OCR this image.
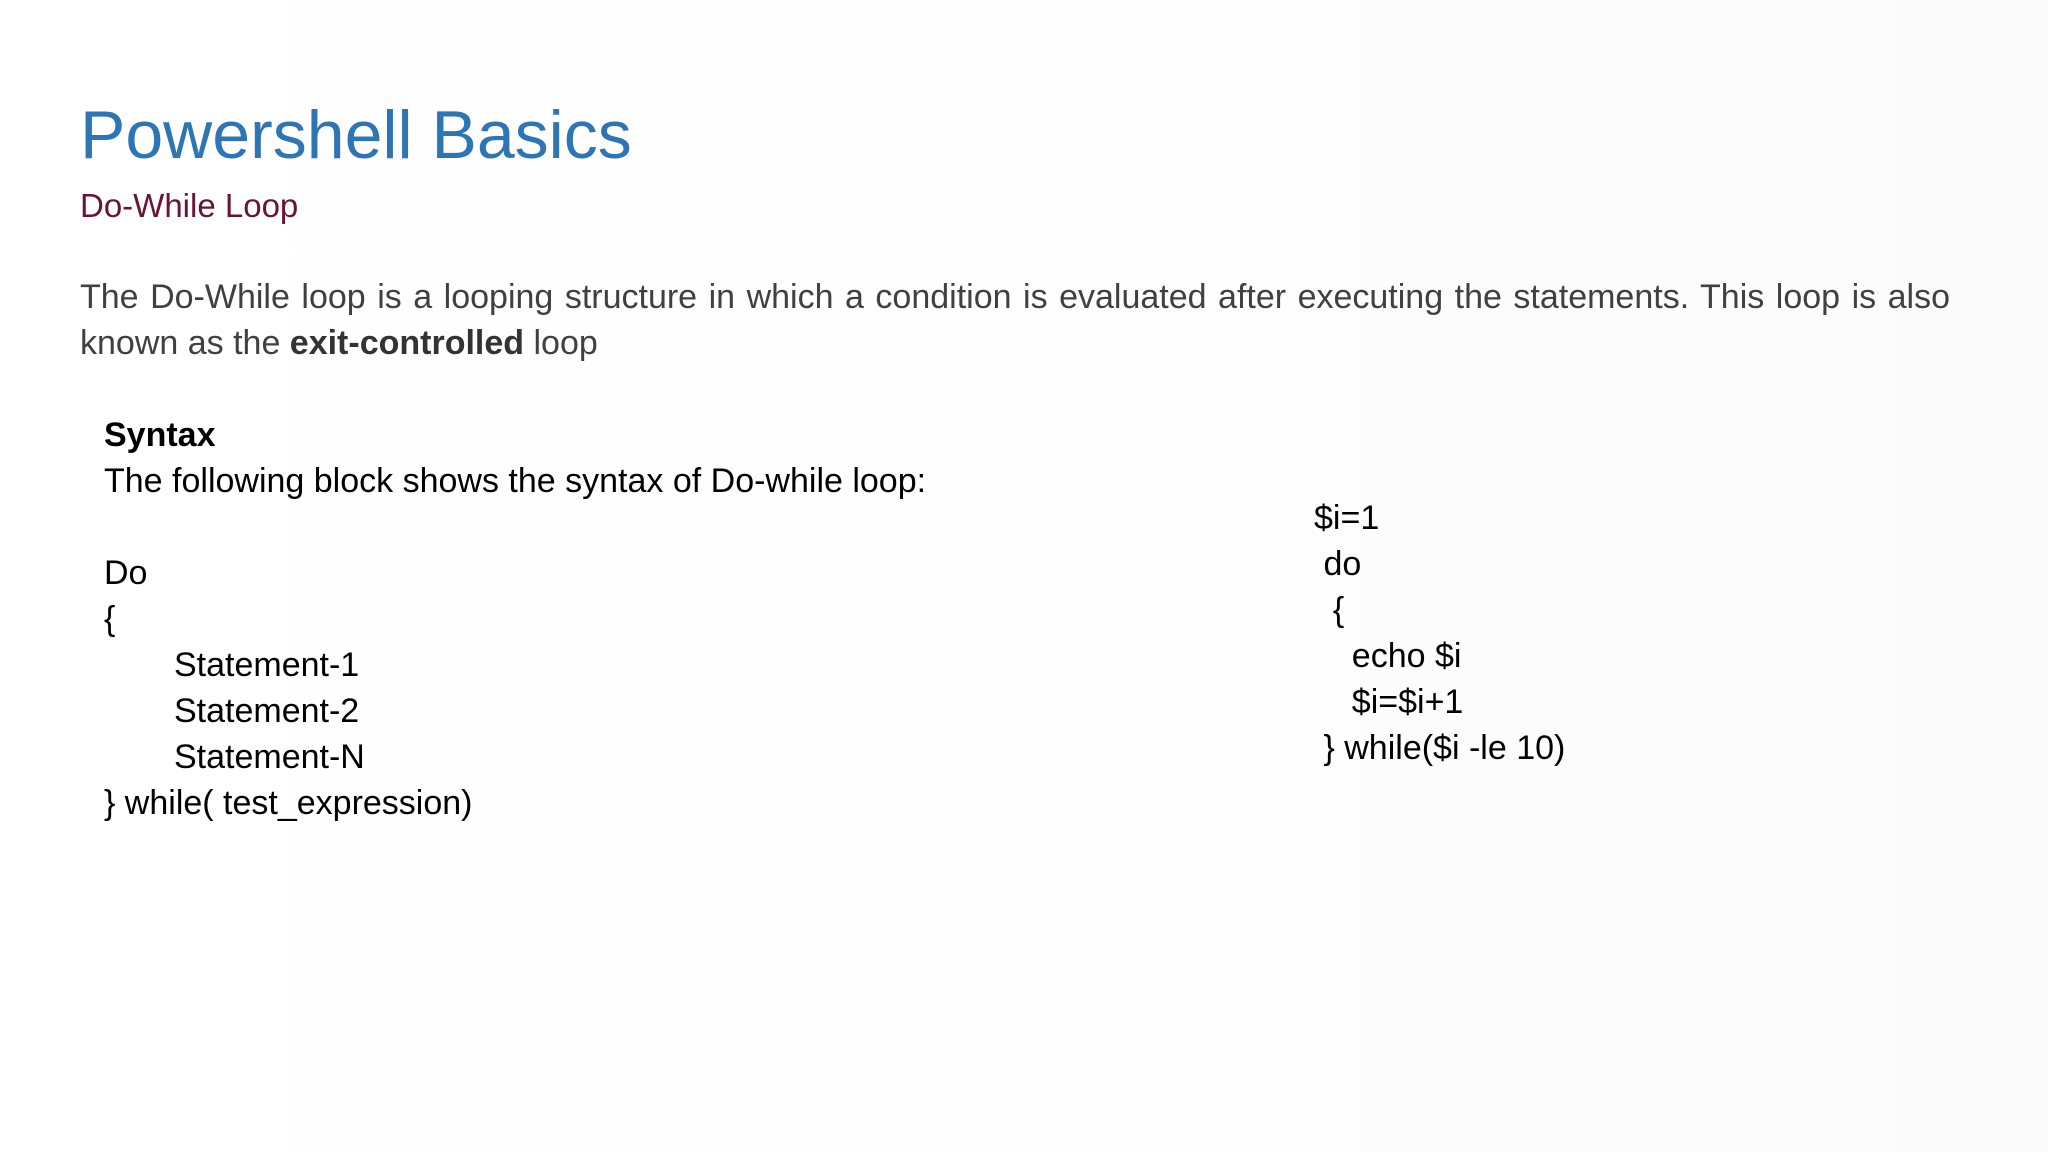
Powershell Basics
Do-While Loop
The Do-While loop is a looping structure in which a condition is evaluated after executing the statements. This loop is also known as the exit-controlled loop
Syntax
The following block shows the syntax of Do-while loop:
Do
{
Statement-1
Statement-2
Statement-N
} while( test_expression)
$i=1
do
{
echo $i
$i=$i+1
} while($i -le 10)
